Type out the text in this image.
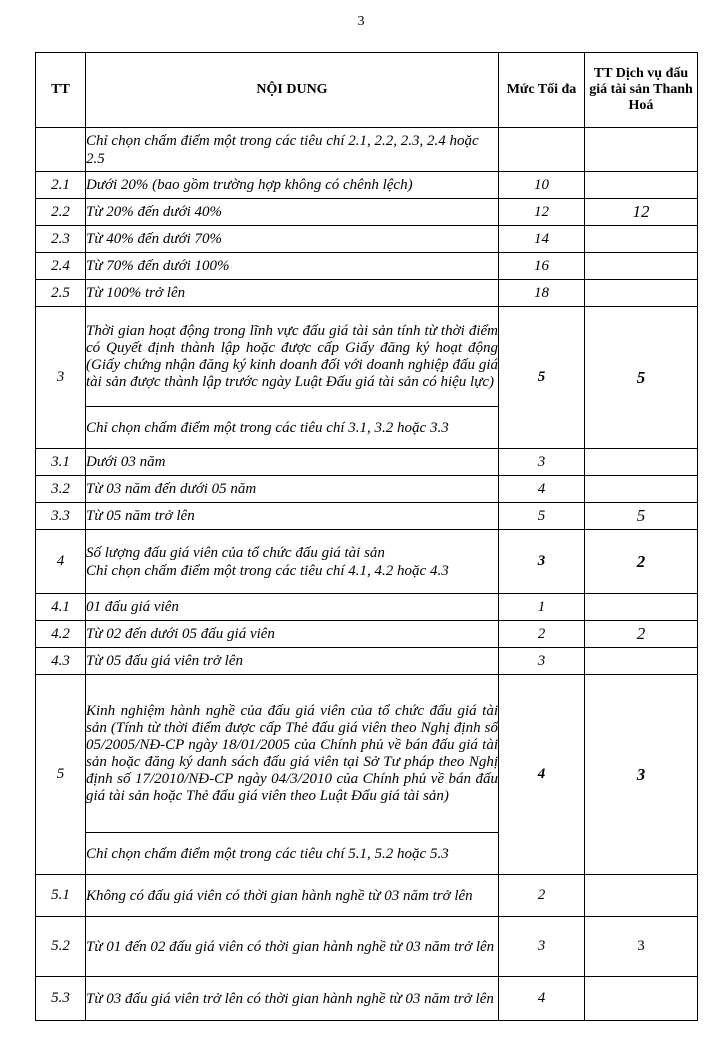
3
TT	NỘI DUNG	Mức Tối đa	TT Dịch vụ đấu giá tài sản Thanh Hoá
	Chỉ chọn chấm điểm một trong các tiêu chí 2.1, 2.2, 2.3, 2.4 hoặc 2.5		
2.1	Dưới 20% (bao gồm trường hợp không có chênh lệch)	10	
2.2	Từ 20% đến dưới 40%	12	12
2.3	Từ 40% đến dưới 70%	14	
2.4	Từ 70% đến dưới 100%	16	
2.5	Từ 100% trở lên	18	
3	Thời gian hoạt động trong lĩnh vực đấu giá tài sản tính từ thời điểm có Quyết định thành lập hoặc được cấp Giấy đăng ký hoạt động (Giấy chứng nhận đăng ký kinh doanh đối với doanh nghiệp đấu giá tài sản được thành lập trước ngày Luật Đấu giá tài sản có hiệu lực)	5	5
	Chỉ chọn chấm điểm một trong các tiêu chí 3.1, 3.2 hoặc 3.3		
3.1	Dưới 03 năm	3	
3.2	Từ 03 năm đến dưới 05 năm	4	
3.3	Từ 05 năm trở lên	5	5
4	Số lượng đấu giá viên của tổ chức đấu giá tài sản
Chỉ chọn chấm điểm một trong các tiêu chí 4.1, 4.2 hoặc 4.3	3	2
4.1	01 đấu giá viên	1	
4.2	Từ 02 đến dưới 05 đấu giá viên	2	2
4.3	Từ 05 đấu giá viên trở lên	3	
5	Kinh nghiệm hành nghề của đấu giá viên của tổ chức đấu giá tài sản (Tính từ thời điểm được cấp Thẻ đấu giá viên theo Nghị định số 05/2005/NĐ-CP ngày 18/01/2005 của Chính phủ về bán đấu giá tài sản hoặc đăng ký danh sách đấu giá viên tại Sở Tư pháp theo Nghị định số 17/2010/NĐ-CP ngày 04/3/2010 của Chính phủ về bán đấu giá tài sản hoặc Thẻ đấu giá viên theo Luật Đấu giá tài sản)	4	3
	Chỉ chọn chấm điểm một trong các tiêu chí 5.1, 5.2 hoặc 5.3		
5.1	Không có đấu giá viên có thời gian hành nghề từ 03 năm trở lên	2	
5.2	Từ 01 đến 02 đấu giá viên có thời gian hành nghề từ 03 năm trở lên	3	3
5.3	Từ 03 đấu giá viên trở lên có thời gian hành nghề từ 03 năm trở lên	4	
